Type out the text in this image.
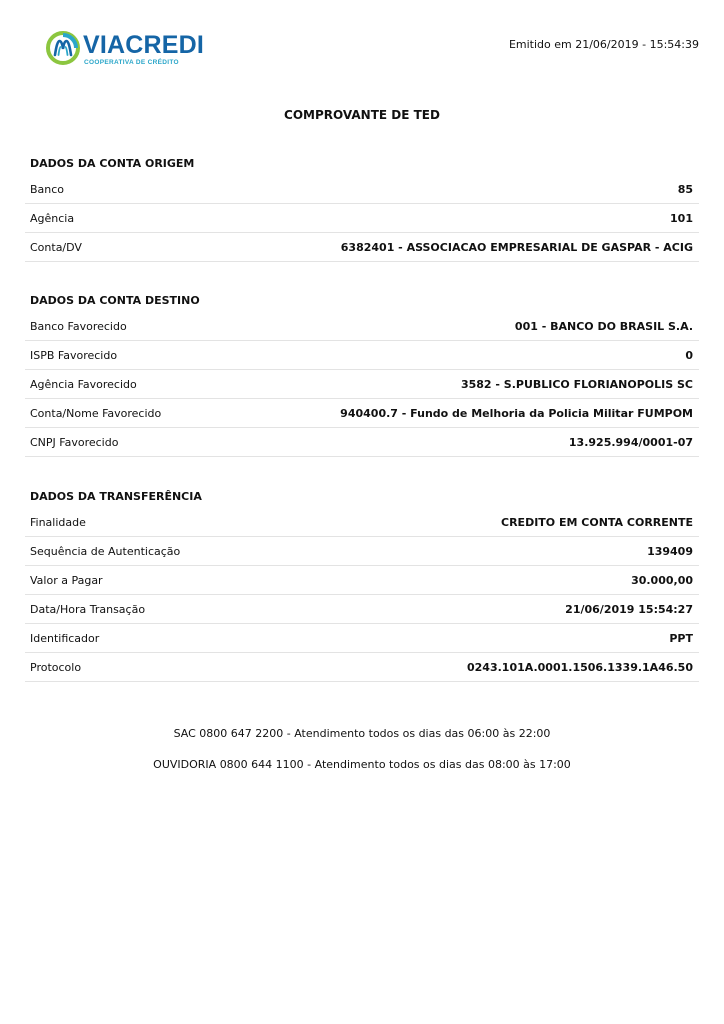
VIACREDI
COOPERATIVA DE CRÉDITO
Emitido em 21/06/2019 - 15:54:39
COMPROVANTE DE TED
DADOS DA CONTA ORIGEM
Banco	85
Agência	101
Conta/DV	6382401 - ASSOCIACAO EMPRESARIAL DE GASPAR - ACIG
DADOS DA CONTA DESTINO
Banco Favorecido	001 - BANCO DO BRASIL S.A.
ISPB Favorecido	0
Agência Favorecido	3582 - S.PUBLICO FLORIANOPOLIS SC
Conta/Nome Favorecido	940400.7 - Fundo de Melhoria da Policia Militar FUMPOM
CNPJ Favorecido	13.925.994/0001-07
DADOS DA TRANSFERÊNCIA
Finalidade	CREDITO EM CONTA CORRENTE
Sequência de Autenticação	139409
Valor a Pagar	30.000,00
Data/Hora Transação	21/06/2019 15:54:27
Identificador	PPT
Protocolo	0243.101A.0001.1506.1339.1A46.50
SAC 0800 647 2200 - Atendimento todos os dias das 06:00 às 22:00
OUVIDORIA 0800 644 1100 - Atendimento todos os dias das 08:00 às 17:00
